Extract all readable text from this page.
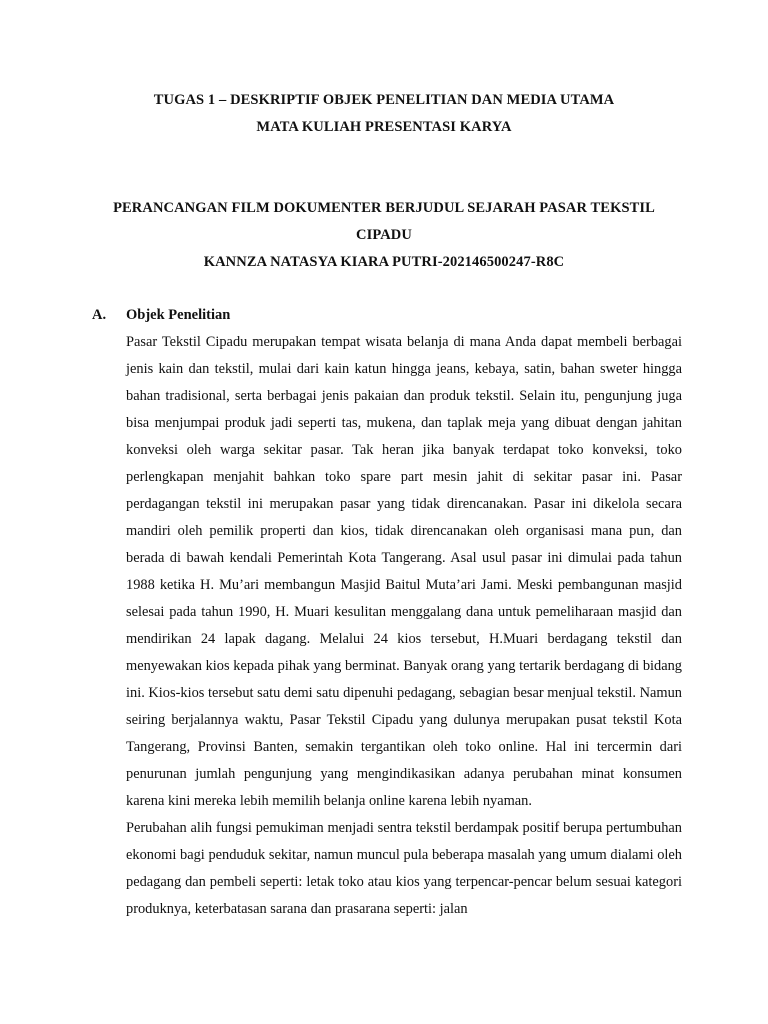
TUGAS 1 – DESKRIPTIF OBJEK PENELITIAN DAN MEDIA UTAMA
MATA KULIAH PRESENTASI KARYA
PERANCANGAN FILM DOKUMENTER BERJUDUL SEJARAH PASAR TEKSTIL
CIPADU
KANNZA NATASYA KIARA PUTRI-202146500247-R8C
A. Objek Penelitian
Pasar Tekstil Cipadu merupakan tempat wisata belanja di mana Anda dapat membeli berbagai jenis kain dan tekstil, mulai dari kain katun hingga jeans, kebaya, satin, bahan sweter hingga bahan tradisional, serta berbagai jenis pakaian dan produk tekstil. Selain itu, pengunjung juga bisa menjumpai produk jadi seperti tas, mukena, dan taplak meja yang dibuat dengan jahitan konveksi oleh warga sekitar pasar. Tak heran jika banyak terdapat toko konveksi, toko perlengkapan menjahit bahkan toko spare part mesin jahit di sekitar pasar ini. Pasar perdagangan tekstil ini merupakan pasar yang tidak direncanakan. Pasar ini dikelola secara mandiri oleh pemilik properti dan kios, tidak direncanakan oleh organisasi mana pun, dan berada di bawah kendali Pemerintah Kota Tangerang. Asal usul pasar ini dimulai pada tahun 1988 ketika H. Mu’ari membangun Masjid Baitul Muta’ari Jami. Meski pembangunan masjid selesai pada tahun 1990, H. Muari kesulitan menggalang dana untuk pemeliharaan masjid dan mendirikan 24 lapak dagang. Melalui 24 kios tersebut, H.Muari berdagang tekstil dan menyewakan kios kepada pihak yang berminat. Banyak orang yang tertarik berdagang di bidang ini. Kios-kios tersebut satu demi satu dipenuhi pedagang, sebagian besar menjual tekstil. Namun seiring berjalannya waktu, Pasar Tekstil Cipadu yang dulunya merupakan pusat tekstil Kota Tangerang, Provinsi Banten, semakin tergantikan oleh toko online. Hal ini tercermin dari penurunan jumlah pengunjung yang mengindikasikan adanya perubahan minat konsumen karena kini mereka lebih memilih belanja online karena lebih nyaman.
Perubahan alih fungsi pemukiman menjadi sentra tekstil berdampak positif berupa pertumbuhan ekonomi bagi penduduk sekitar, namun muncul pula beberapa masalah yang umum dialami oleh pedagang dan pembeli seperti: letak toko atau kios yang terpencar-pencar belum sesuai kategori produknya, keterbatasan sarana dan prasarana seperti: jalan
